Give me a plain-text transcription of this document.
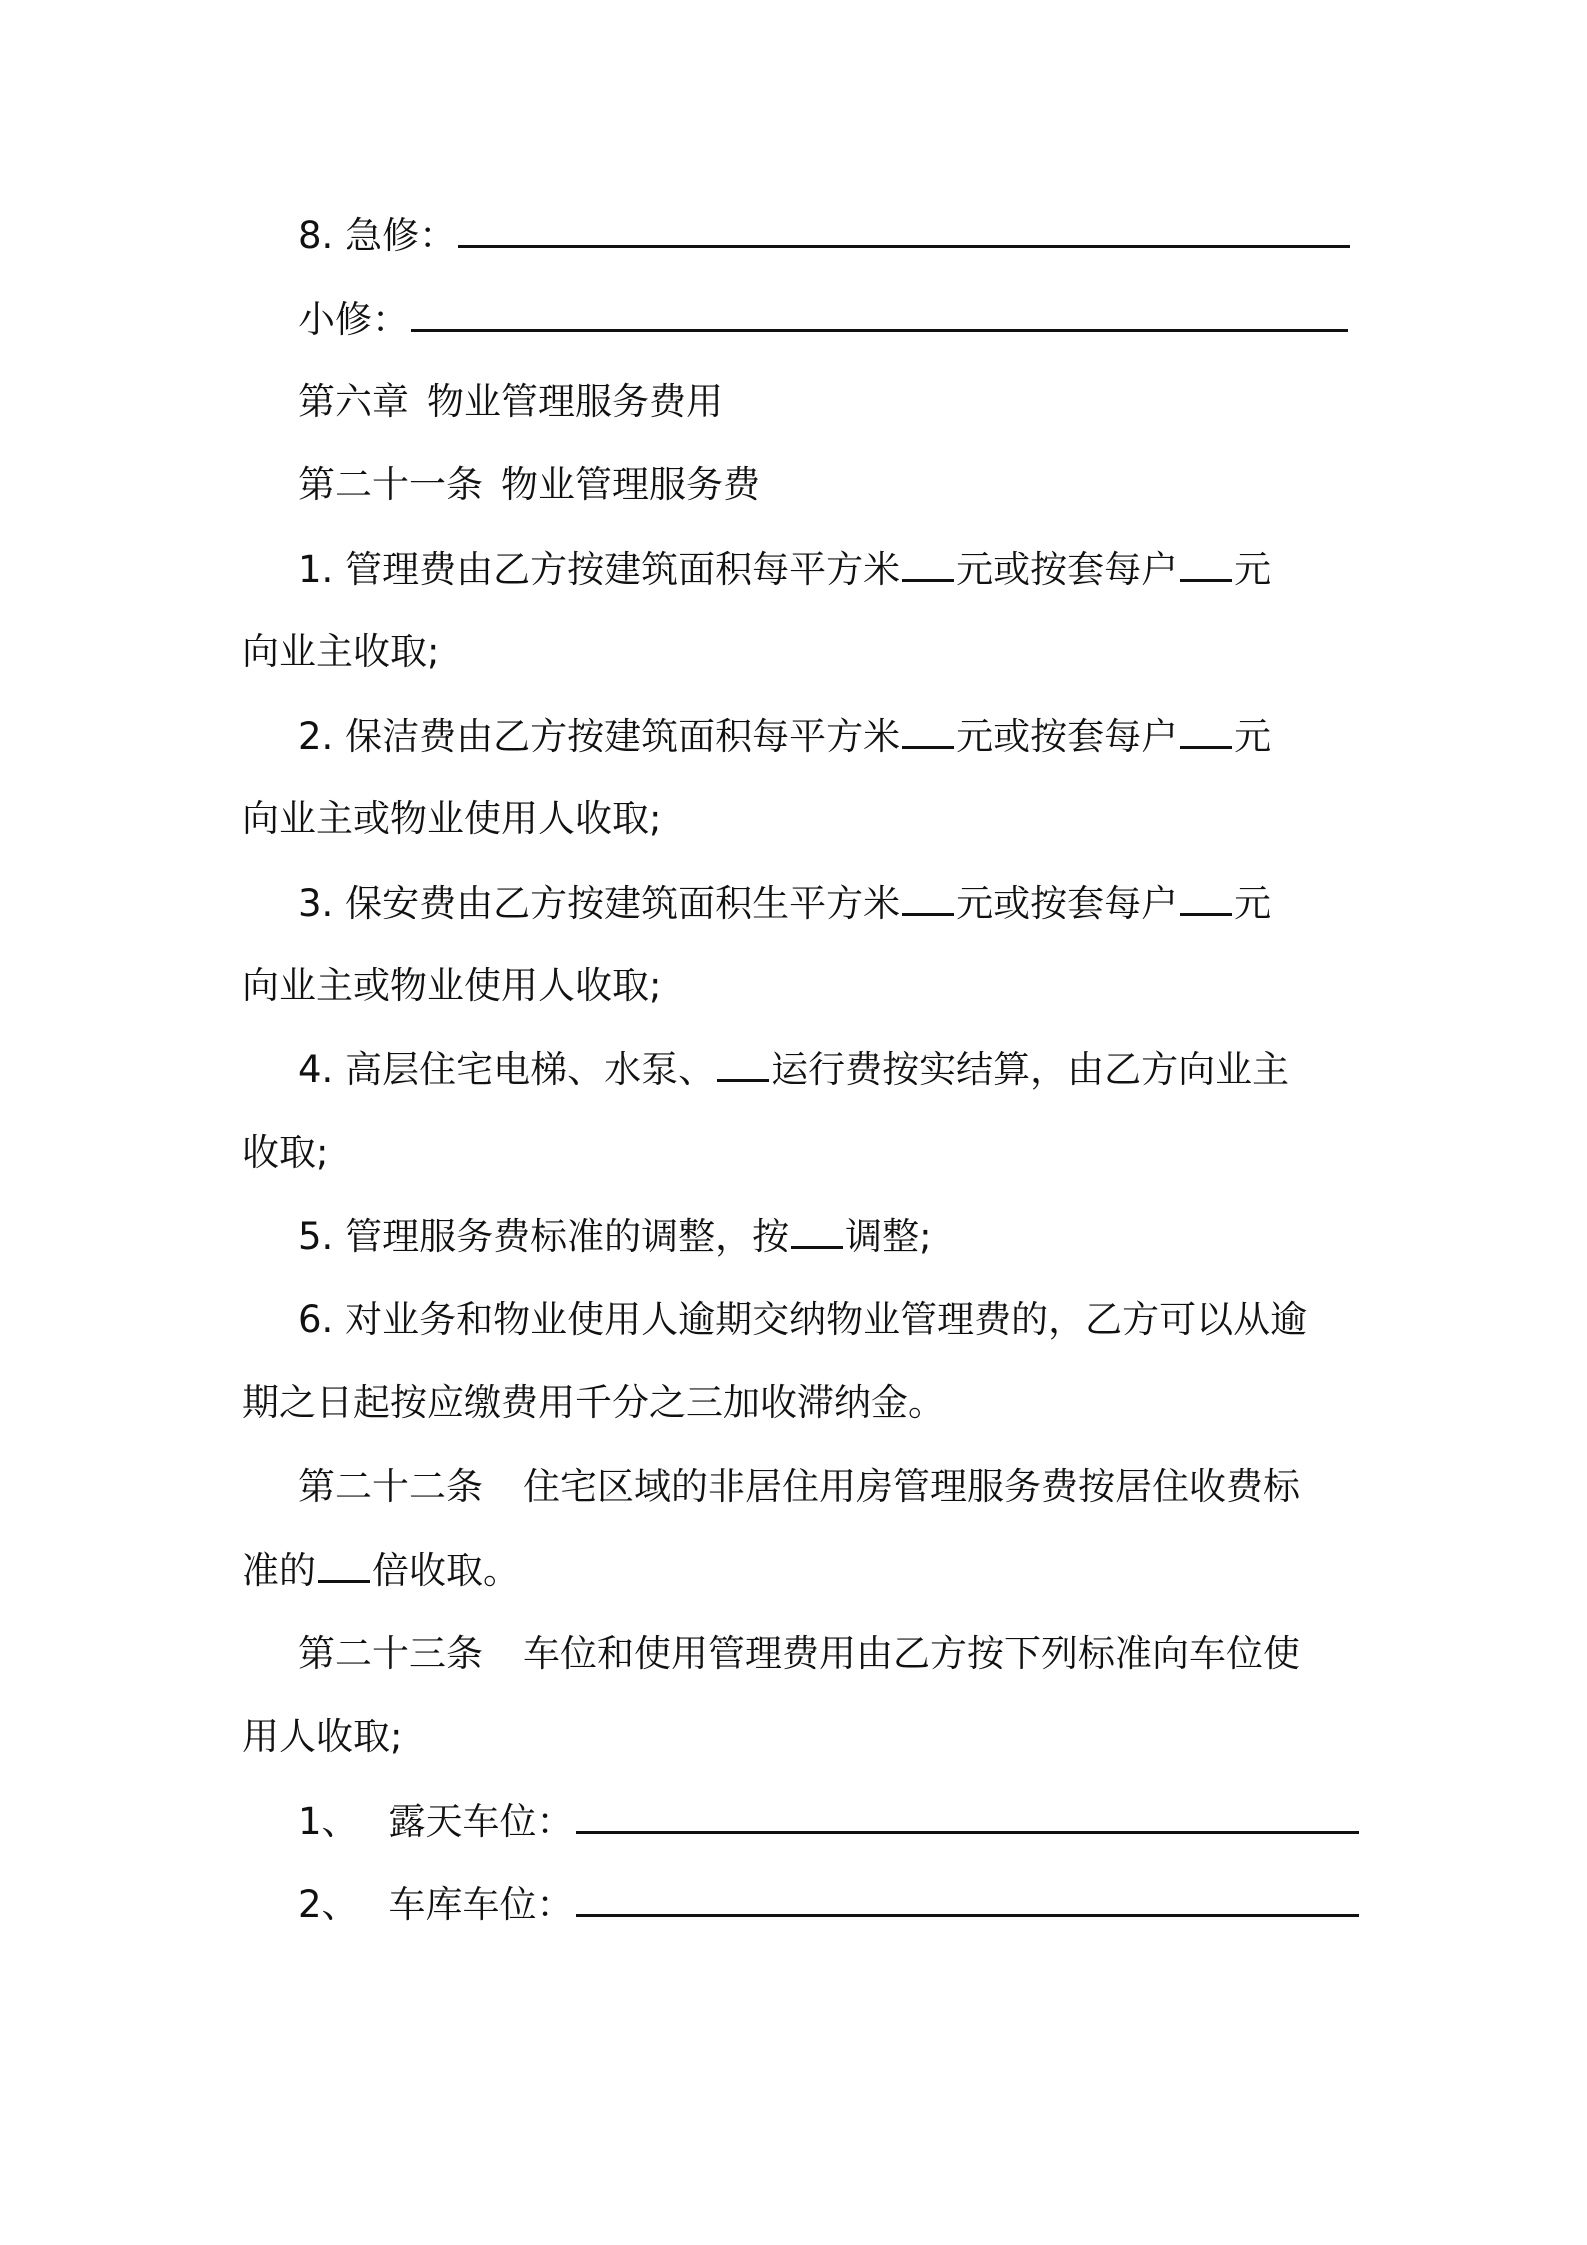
8. 急修：
小修：
第六章 物业管理服务费用
第二十一条 物业管理服务费
1. 管理费由乙方按建筑面积每平方米 元或按套每户 元
向业主收取;
2. 保洁费由乙方按建筑面积每平方米 元或按套每户 元
向业主或物业使用人收取;
3. 保安费由乙方按建筑面积生平方米 元或按套每户 元
向业主或物业使用人收取;
4. 高层住宅电梯、水泵、 运行费按实结算，由乙方向业主
收取;
5. 管理服务费标准的调整，按 调整;
6. 对业务和物业使用人逾期交纳物业管理费的，乙方可以从逾
期之日起按应缴费用千分之三加收滞纳金。
第二十二条 住宅区域的非居住用房管理服务费按居住收费标
准的 倍收取。
第二十三条 车位和使用管理费用由乙方按下列标准向车位使
用人收取;
1、 露天车位：
2、 车库车位：
